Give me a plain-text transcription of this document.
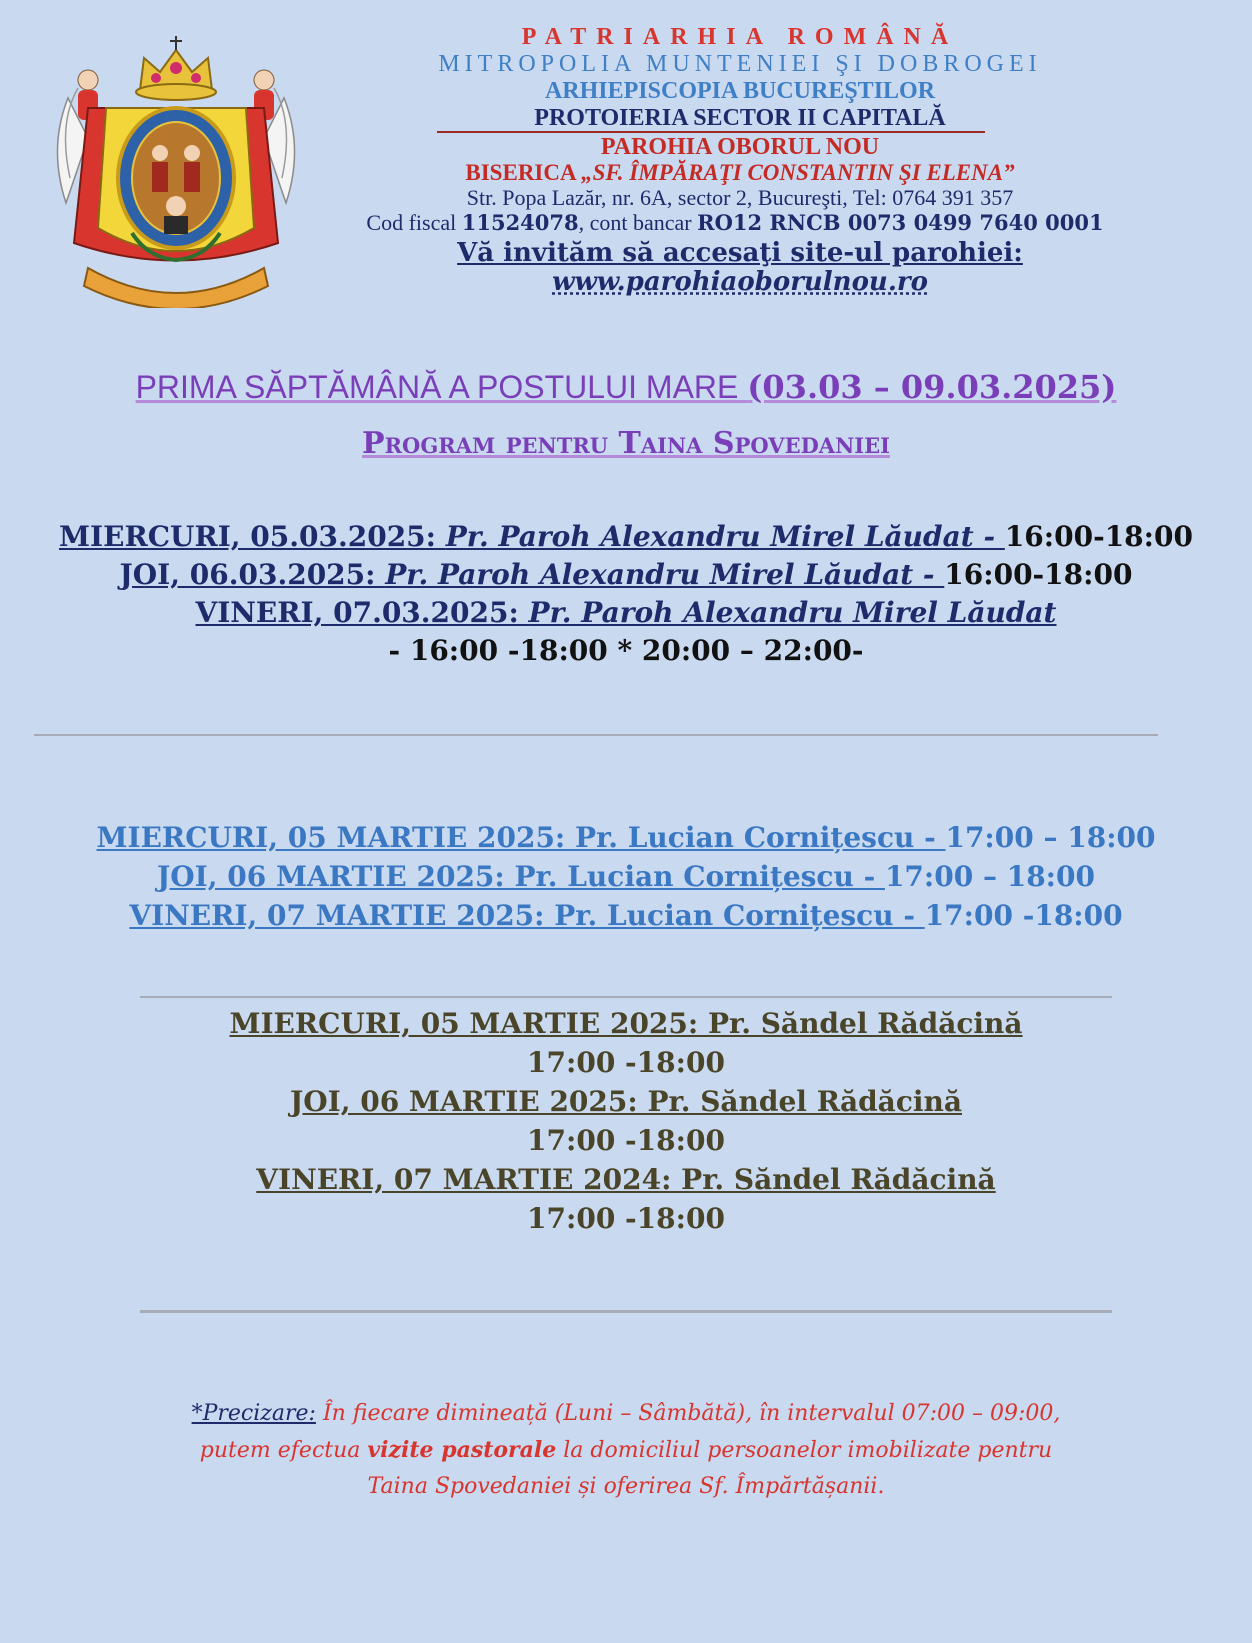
PATRIARHIA ROMÂNĂ
MITROPOLIA MUNTENIEI ŞI DOBROGEI
ARHIEPISCOPIA BUCUREŞTILOR
PROTOIERIA SECTOR II CAPITALĂ
PAROHIA OBORUL NOU
BISERICA „SF. ÎMPĂRAŢI CONSTANTIN ŞI ELENA”
Str. Popa Lazăr, nr. 6A, sector 2, Bucureşti, Tel: 0764 391 357
Cod fiscal 11524078, cont bancar RO12 RNCB 0073 0499 7640 0001
Vă invităm să accesaţi site-ul parohiei:
www.parohiaoborulnou.ro
PRIMA SĂPTĂMÂNĂ A POSTULUI MARE (03.03 – 09.03.2025)
Program pentru Taina Spovedaniei
MIERCURI, 05.03.2025: Pr. Paroh Alexandru Mirel Lăudat - 16:00-18:00
JOI, 06.03.2025: Pr. Paroh Alexandru Mirel Lăudat - 16:00-18:00
VINERI, 07.03.2025: Pr. Paroh Alexandru Mirel Lăudat
- 16:00 -18:00 * 20:00 – 22:00-
MIERCURI, 05 MARTIE 2025: Pr. Lucian Cornițescu - 17:00 – 18:00
JOI, 06 MARTIE 2025: Pr. Lucian Cornițescu - 17:00 – 18:00
VINERI, 07 MARTIE 2025: Pr. Lucian Cornițescu - 17:00 -18:00
MIERCURI, 05 MARTIE 2025: Pr. Săndel Rădăcină
17:00 -18:00
JOI, 06 MARTIE 2025: Pr. Săndel Rădăcină
17:00 -18:00
VINERI, 07 MARTIE 2024: Pr. Săndel Rădăcină
17:00 -18:00
*Precizare: În fiecare dimineață (Luni – Sâmbătă), în intervalul 07:00 – 09:00,
putem efectua vizite pastorale la domiciliul persoanelor imobilizate pentru
Taina Spovedaniei și oferirea Sf. Împărtășanii.
